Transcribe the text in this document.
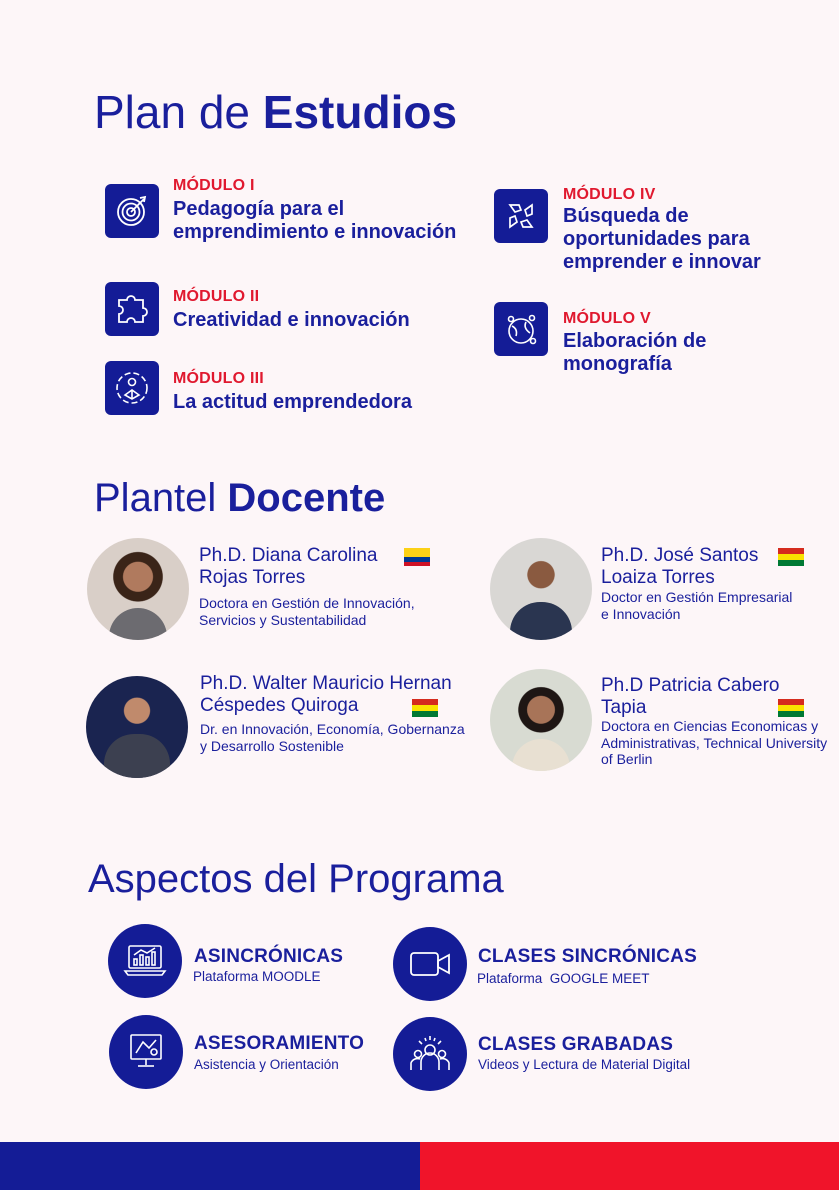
Plan de Estudios
MÓDULO I
Pedagogía para el emprendimiento e innovación
MÓDULO II
Creatividad e innovación
MÓDULO III
La actitud emprendedora
MÓDULO IV
Búsqueda de oportunidades para emprender e innovar
MÓDULO V
Elaboración de monografía
Plantel Docente
Ph.D. Diana Carolina Rojas Torres
Doctora en Gestión de Innovación, Servicios y Sustentabilidad
Ph.D. José Santos Loaiza Torres
Doctor en Gestión Empresarial e Innovación
Ph.D. Walter Mauricio Hernan Céspedes Quiroga
Dr. en Innovación, Economía, Gobernanza y Desarrollo Sostenible
Ph.D Patricia Cabero Tapia
Doctora en Ciencias Economicas y Administrativas, Technical University of Berlin
Aspectos del Programa
ASINCRÓNICAS
Plataforma MOODLE
CLASES SINCRÓNICAS
Plataforma  GOOGLE MEET
ASESORAMIENTO
Asistencia y Orientación
CLASES GRABADAS
Videos y Lectura de Material Digital
